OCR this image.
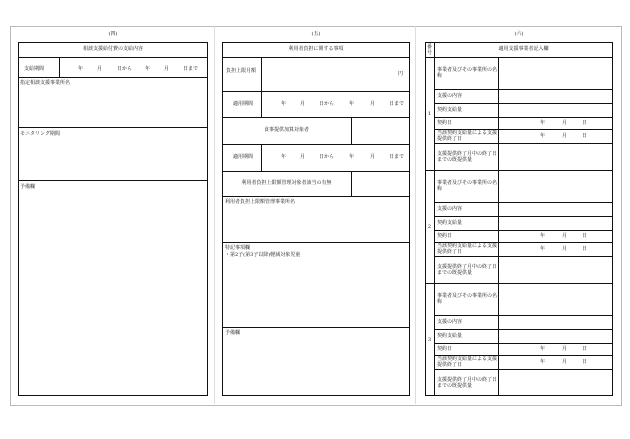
(四)	(五)	(六)
相談支援給付費の支給内容
支給期間	年	月	日から	年	月	日まで
指定相談支援事業所名
モニタリング期間
予備欄
利用者負担に関する事項
負担上限月額	円
適用期間	年	月	日から	年	月	日まで
食事提供加算対象者
適用期間	年	月	日から	年	月	日まで
利用者負担上限額管理対象者該当の有無
利用者負担上限額管理事業所名
特記事項欄
・第2子(第3子以降)軽減対象児童
予備欄
番号
適用支援事業者記入欄
1
事業者及びその事業所の名称
支援の内容
契約支給量
契約日	年	月	日
当該契約支給量による支援提供終了日	年	月	日
支援提供終了月中の終了日までの既提供量
2
事業者及びその事業所の名称
支援の内容
契約支給量
契約日	年	月	日
当該契約支給量による支援提供終了日	年	月	日
支援提供終了月中の終了日までの既提供量
3
事業者及びその事業所の名称
支援の内容
契約支給量
契約日	年	月	日
当該契約支給量による支援提供終了日	年	月	日
支援提供終了月中の終了日までの既提供量
